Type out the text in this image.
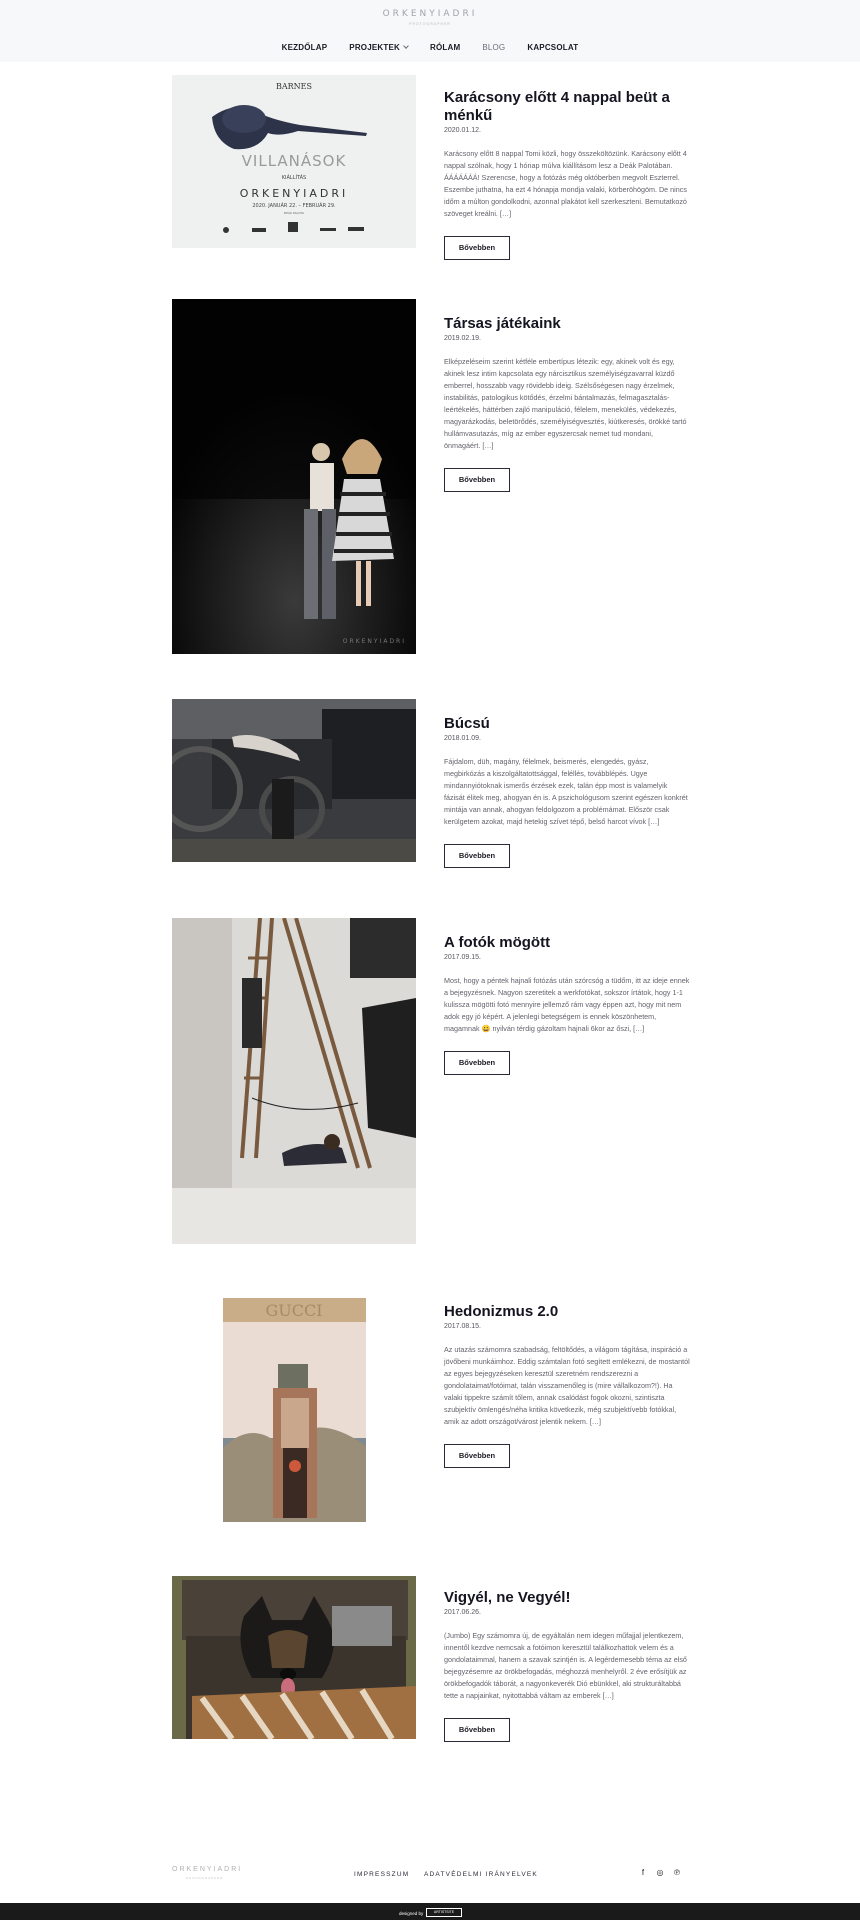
ORKENYIADRI
PHOTOGRAPHER
KEZDŐLAP	PROJEKTEK	RÓLAM	BLOG	KAPCSOLAT
BARNES
VILLANÁSOK
KIÁLLÍTÁS
ORKENYIADRI
2020. JANUÁR 22. – FEBRUÁR 29.
DEÁK PALOTA
Karácsony előtt 4 nappal beüt a ménkű
2020.01.12.
Karácsony előtt 8 nappal Tomi közli, hogy összeköltözünk. Karácsony előtt 4 nappal szólnak, hogy 1 hónap múlva kiállításom lesz a Deák Palotában. ÁÁÁÁÁÁÁ! Szerencse, hogy a fotózás még októberben megvolt Eszterrel. Eszembe juthatna, ha ezt 4 hónapja mondja valaki, körberöhögöm. De nincs időm a múlton gondolkodni, azonnal plakátot kell szerkeszteni. Bemutatkozó szöveget kreálni. […]
Bővebben
ORKENYIADRI
Társas játékaink
2019.02.19.
Elképzeléseim szerint kétféle embertípus létezik: egy, akinek volt és egy, akinek lesz intim kapcsolata egy nárcisztikus személyiségzavarral küzdő emberrel, hosszabb vagy rövidebb ideig. Szélsőségesen nagy érzelmek, instabilitás, patologikus kötődés, érzelmi bántalmazás, felmagasztalás-leértékelés, háttérben zajló manipuláció, félelem, menekülés, védekezés, magyarázkodás, beletörődés, személyiségvesztés, kiútkeresés, örökké tartó hullámvasutazás, míg az ember egyszercsak nemet tud mondani, önmagáért. […]
Bővebben
Búcsú
2018.01.09.
Fájdalom, düh, magány, félelmek, beismerés, elengedés, gyász, megbirkózás a kiszolgáltatottsággal, feléllés, továbblépés. Ugye mindannyiótoknak ismerős érzések ezek, talán épp most is valamelyik fázisát élitek meg, ahogyan én is. A pszichológusom szerint egészen konkrét mintája van annak, ahogyan feldolgozom a problémámat. Először csak kerülgetem azokat, majd hetekig szívet tépő, belső harcot vívok […]
Bővebben
A fotók mögött
2017.09.15.
Most, hogy a péntek hajnali fotózás után szórcsóg a tüdőm, itt az ideje ennek a bejegyzésnek. Nagyon szeretitek a werkfotókat, sokszor írtátok, hogy 1-1 kulissza mögötti fotó mennyire jellemző rám vagy éppen azt, hogy mit nem adok egy jó képért. A jelenlegi betegségem is ennek köszönhetem, magamnak 😀 nyilván térdig gázoltam hajnali 6kor az őszi, […]
Bővebben
GUCCI	Hedonizmus 2.0
2017.08.15.
Az utazás számomra szabadság, feltöltődés, a világom tágítása, inspiráció a jövőbeni munkáimhoz. Eddig számtalan fotó segített emlékezni, de mostantól az egyes bejegyzéseken keresztül szeretném rendszerezni a gondolataimat/fotóimat, talán visszamenőleg is (mire vállalkozom?!). Ha valaki tippekre számít tőlem, annak csalódást fogok okozni, szintiszta szubjektív ömlengés/néha kritika következik, még szubjektívebb fotókkal, amik az adott országot/várost jelentik nekem. […]
Bővebben
Vigyél, ne Vegyél!
2017.06.26.
(Jumbo) Egy számomra új, de egyáltalán nem idegen műfajjal jelentkezem, innentől kezdve nemcsak a fotóimon keresztül találkozhattok velem és a gondolataimmal, hanem a szavak szintjén is. A legérdemesebb téma az első bejegyzésemre az örökbefogadás, méghozzá menhelyről. 2 éve erősítjük az örökbefogadók táborát, a nagyonkeverék Dió ebünkkel, aki strukturáltabbá tette a napjainkat, nyitottabbá váltam az emberek […]
Bővebben
ORKENYIADRI
PHOTOGRAPHER	IMPRESSZUM ADATVÉDELMI IRÁNYELVEK	f	◎ ℗
designed by	ARTISTSITE
